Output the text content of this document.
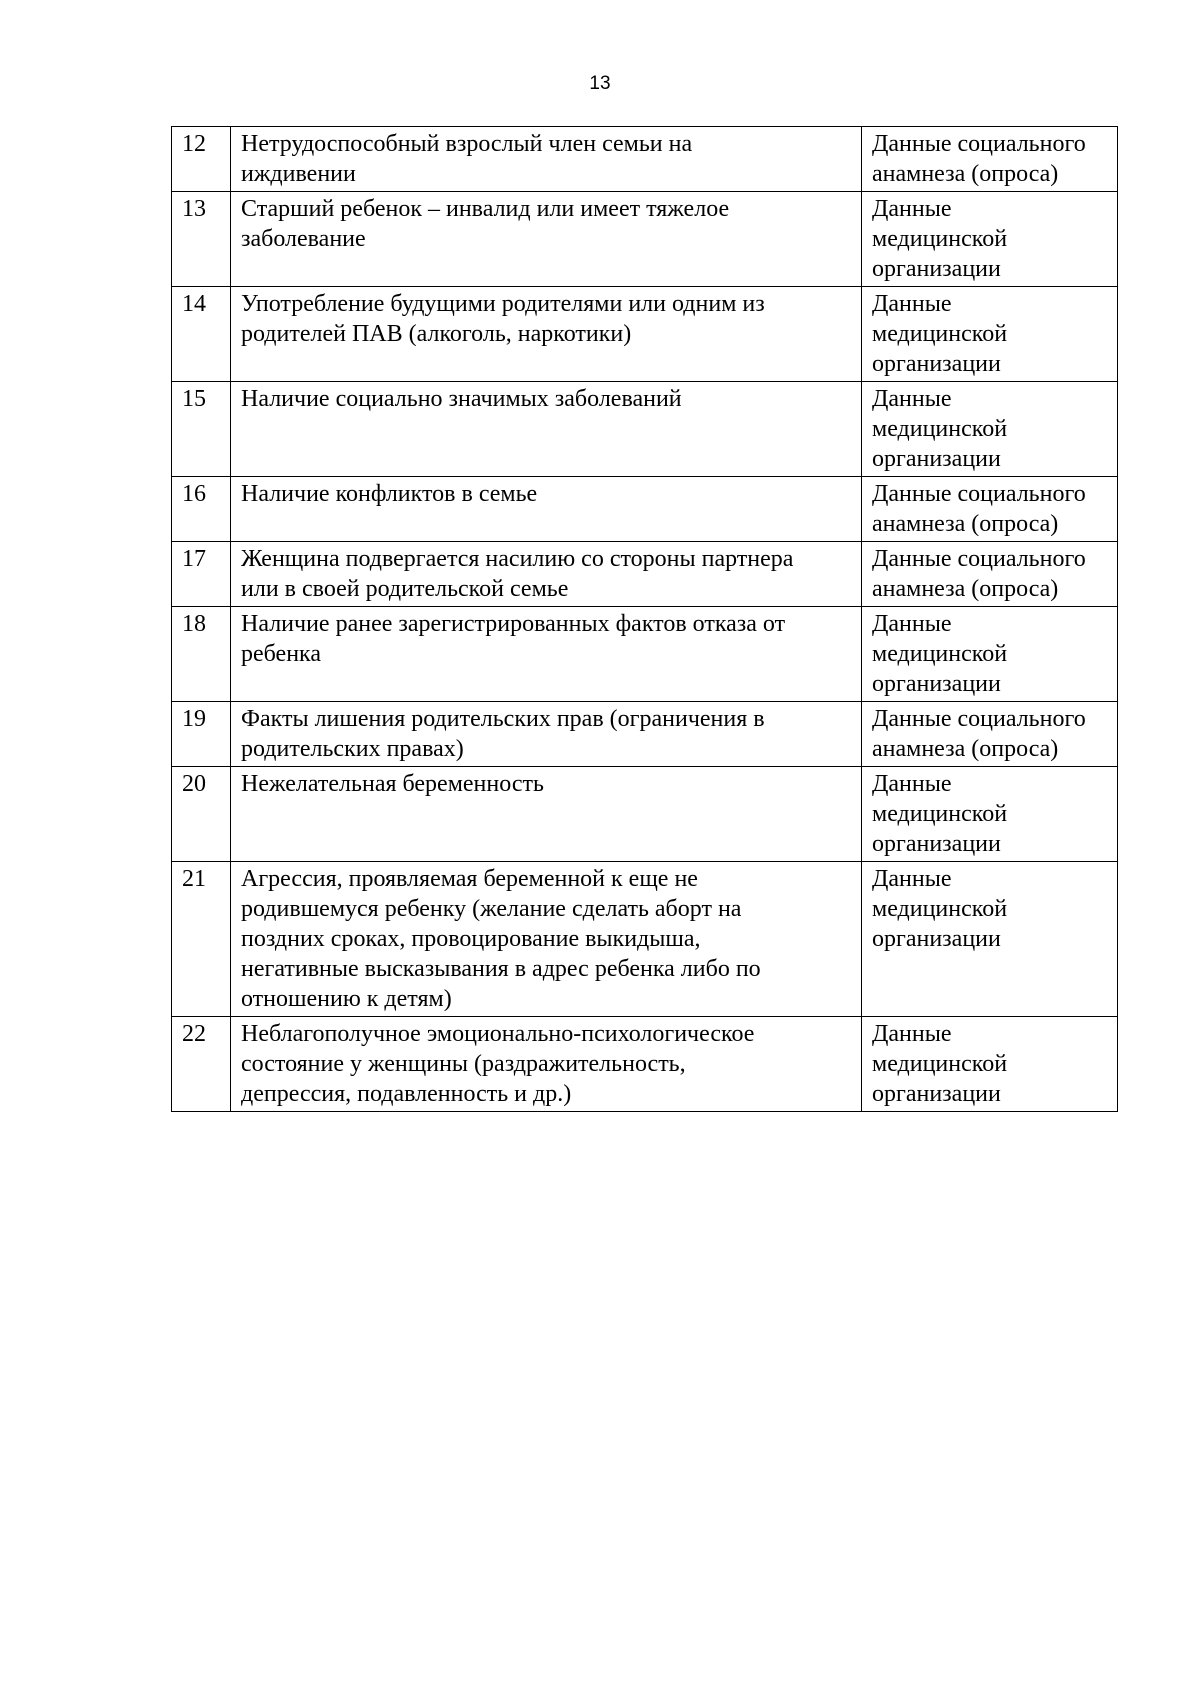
13
12	Нетрудоспособный взрослый член семьи на
иждивении	Данные социального
анамнеза (опроса)

13	Старший ребенок – инвалид или имеет тяжелое
заболевание	Данные
медицинской
организации

14	Употребление будущими родителями или одним из
родителей ПАВ (алкоголь, наркотики)	Данные
медицинской
организации

15	Наличие социально значимых заболеваний	Данные
медицинской
организации

16	Наличие конфликтов в семье	Данные социального
анамнеза (опроса)

17	Женщина подвергается насилию со стороны партнера
или в своей родительской семье	Данные социального
анамнеза (опроса)

18	Наличие ранее зарегистрированных фактов отказа от
ребенка	Данные
медицинской
организации

19	Факты лишения родительских прав (ограничения в
родительских правах)	Данные социального
анамнеза (опроса)

20	Нежелательная беременность	Данные
медицинской
организации

21	Агрессия, проявляемая беременной к еще не
родившемуся ребенку (желание сделать аборт на
поздних сроках, провоцирование выкидыша,
негативные высказывания в адрес ребенка либо по
отношению к детям)	Данные
медицинской
организации

22	Неблагополучное эмоционально-психологическое
состояние у женщины (раздражительность,
депрессия, подавленность и др.)	Данные
медицинской
организации
